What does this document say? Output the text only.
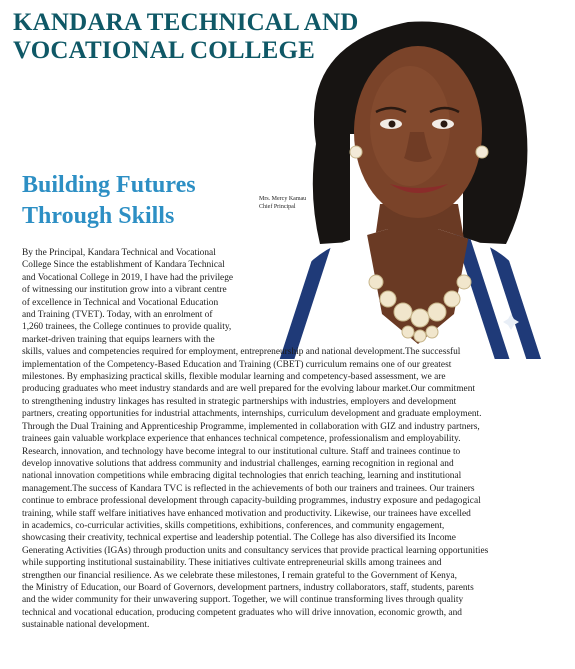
KANDARA TECHNICAL AND
VOCATIONAL COLLEGE
Building Futures
Through Skills
Mrs. Mercy Kamau
Chief Principal

By the Principal, Kandara Technical and Vocational
College Since the establishment of Kandara Technical
and Vocational College in 2019, I have had the privilege
of witnessing our institution grow into a vibrant centre
of excellence in Technical and Vocational Education
and Training (TVET). Today, with an enrolment of
1,260 trainees, the College continues to provide quality,
market-driven training that equips learners with the
skills, values and competencies required for employment, entrepreneurship and national development.The successful
implementation of the Competency-Based Education and Training (CBET) curriculum remains one of our greatest
milestones. By emphasizing practical skills, flexible modular learning and competency-based assessment, we are
producing graduates who meet industry standards and are well prepared for the evolving labour market.Our commitment
to strengthening industry linkages has resulted in strategic partnerships with industries, employers and development
partners, creating opportunities for industrial attachments, internships, curriculum development and graduate employment.
Through the Dual Training and Apprenticeship Programme, implemented in collaboration with GIZ and industry partners,
trainees gain valuable workplace experience that enhances technical competence, professionalism and employability.
Research, innovation, and technology have become integral to our institutional culture. Staff and trainees continue to
develop innovative solutions that address community and industrial challenges, earning recognition in regional and
national innovation competitions while embracing digital technologies that enrich teaching, learning and institutional
management.The success of Kandara TVC is reflected in the achievements of both our trainers and trainees. Our trainers
continue to embrace professional development through capacity-building programmes, industry exposure and pedagogical
training, while staff welfare initiatives have enhanced motivation and productivity. Likewise, our trainees have excelled
in academics, co-curricular activities, skills competitions, exhibitions, conferences, and community engagement,
showcasing their creativity, technical expertise and leadership potential. The College has also diversified its Income
Generating Activities (IGAs) through production units and consultancy services that provide practical learning opportunities
while supporting institutional sustainability. These initiatives cultivate entrepreneurial skills among trainees and
strengthen our financial resilience. As we celebrate these milestones, I remain grateful to the Government of Kenya,
the Ministry of Education, our Board of Governors, development partners, industry collaborators, staff, students, parents
and the wider community for their unwavering support. Together, we will continue transforming lives through quality
technical and vocational education, producing competent graduates who will drive innovation, economic growth, and
sustainable national development.
